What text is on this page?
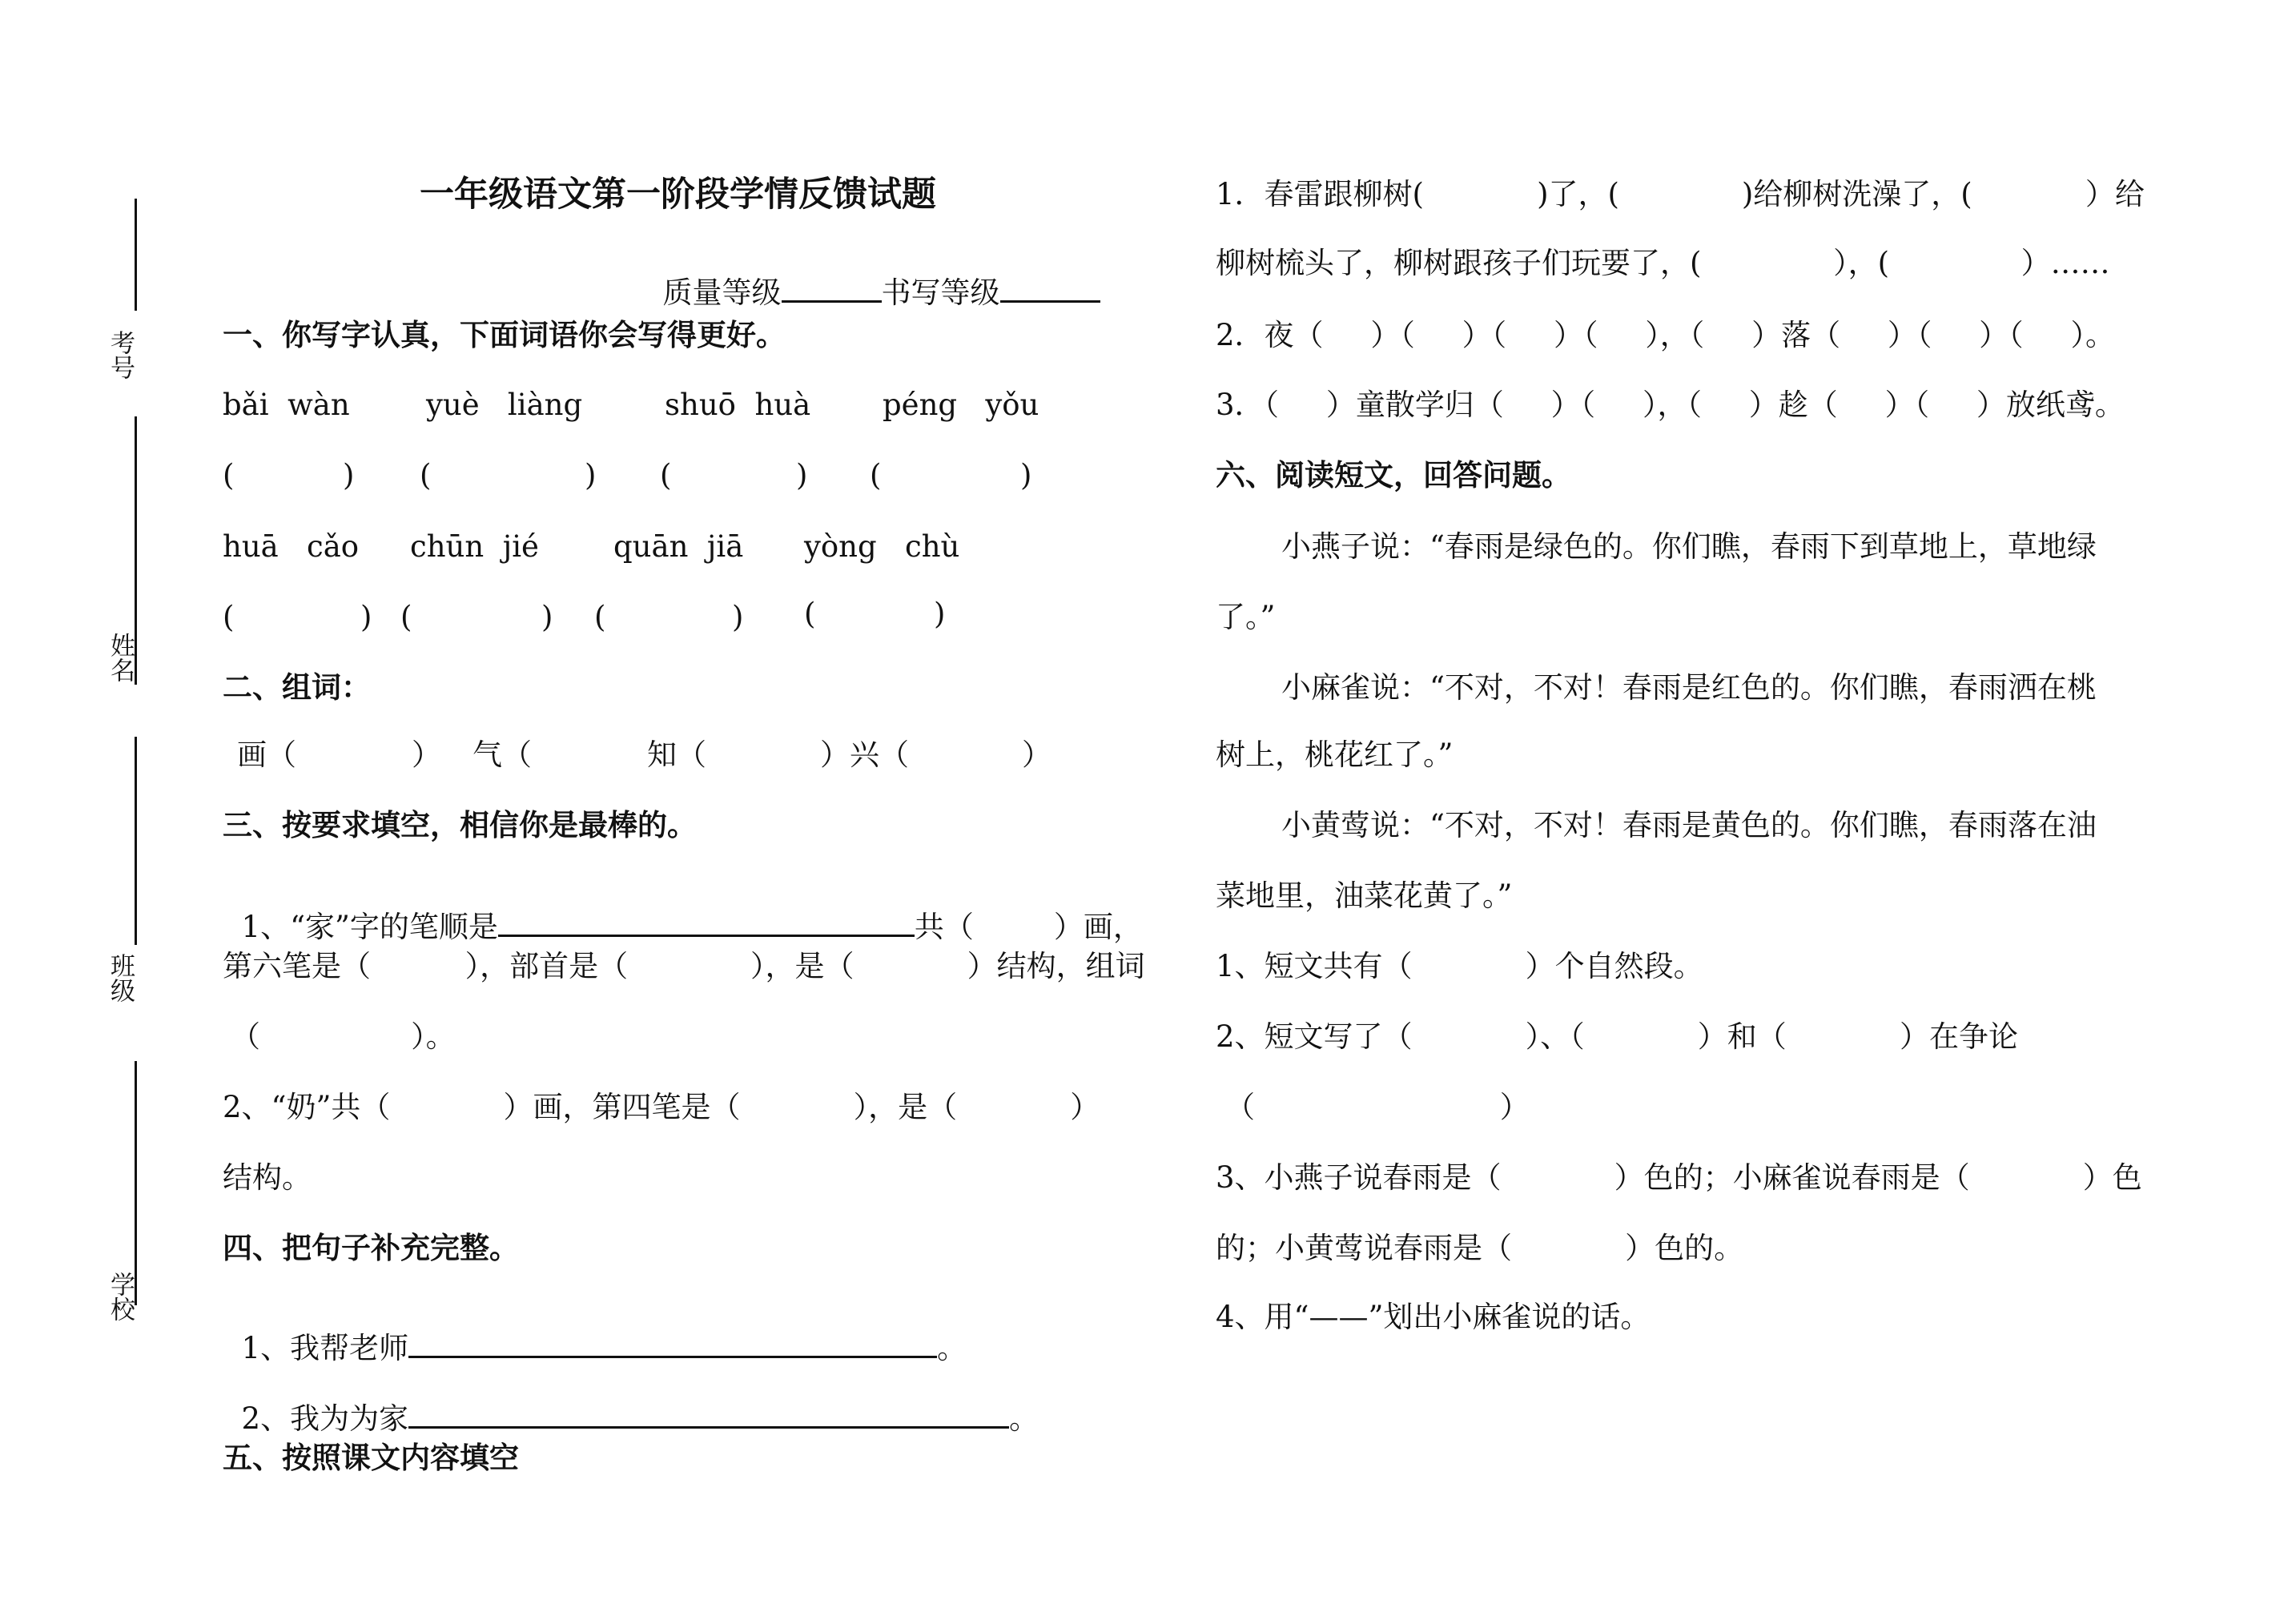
考号
姓名
班级
学校
一年级语文第一阶段学情反馈试题

质量等级	书写等级

一、你写字认真，下面词语你会写得更好。
bǎi  wàn	yuè   liàng	shuō  huà péng   yǒu
(	) (	) (	) (	)
huā   cǎo chūn  jié	quān  jiā yòng   chù
(	) (	) (	) (	)
二、组词：
画（	） 气（	知（	）兴（	）
三、按要求填空，相信你是最棒的。

1、“家”字的笔顺是	共（	）画，

第六笔是（          ），部首是（             ），是（            ）结构，组词
（                ）。
2、“奶”共（            ）画，第四笔是（            ），是（            ）
结构。
四、把句子补充完整。

1、我帮老师	。

2、我为为家	。

五、按照课文内容填空
1．春雷跟柳树(            )了，(             )给柳树洗澡了，(            ）给
柳树梳头了，柳树跟孩子们玩要了，(              ），(              ）……
2．夜（     ）（     ）（     ）（     ），（     ）落（     ）（     ）（     ）。
3．（     ）童散学归（     ）（     ），（     ）趁（     ）（     ）放纸鸢。
六、阅读短文，回答问题。
小燕子说：“春雨是绿色的。你们瞧，春雨下到草地上，草地绿
了。”
小麻雀说：“不对，不对！春雨是红色的。你们瞧，春雨洒在桃
树上，桃花红了。”
小黄莺说：“不对，不对！春雨是黄色的。你们瞧，春雨落在油
菜地里，油菜花黄了。”
1、短文共有（            ）个自然段。
2、短文写了（            ）、（            ）和（            ）在争论
（                          ）
3、小燕子说春雨是（            ）色的；小麻雀说春雨是（            ）色
的；小黄莺说春雨是（            ）色的。
4、用“——”划出小麻雀说的话。
